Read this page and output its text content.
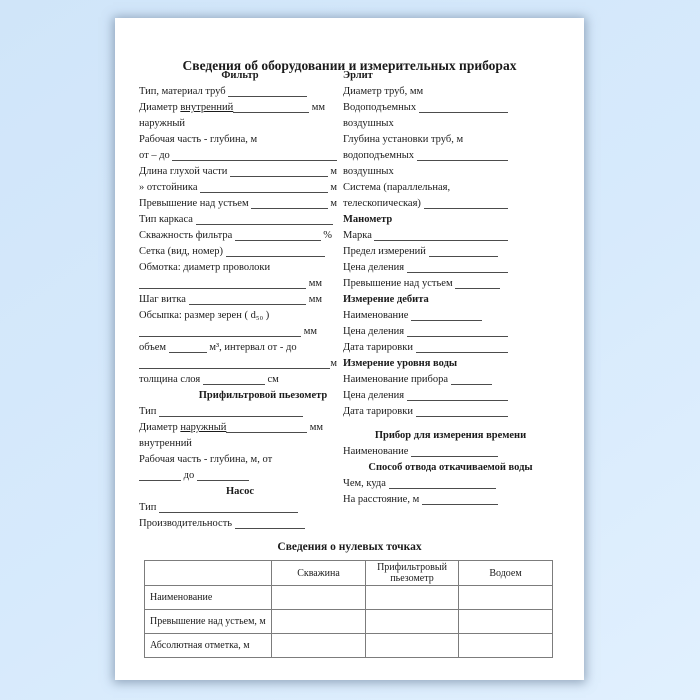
Сведения об оборудовании и измерительных приборах
Фильтр
Тип, материал труб
Диаметр внутренний	мм
наружный
Рабочая часть - глубина, м
от – до
Длина глухой части	м
» отстойника	м
Превышение над устьем	м
Тип каркаса
Скважность фильтра	%
Сетка (вид, номер)
Обмотка: диаметр проволоки
мм
Шаг витка	мм
Обсыпка: размер зерен ( d₅₀ )
мм
объем	м³, интервал от - до
м
толщина слоя	см
Прифильтровой пьезометр
Тип
Диаметр наружный	мм
внутренний
Рабочая часть - глубина, м, от
до
Насос
Тип
Производительность
Эрлит
Диаметр труб, мм
Водоподъемных
воздушных
Глубина установки труб, м
водоподъемных
воздушных
Система (параллельная,
телескопическая)
Манометр
Марка
Предел измерений
Цена деления
Превышение над устьем
Измерение дебита
Наименование
Цена деления
Дата тарировки
Измерение уровня воды
Наименование прибора
Цена деления
Дата тарировки
Прибор для измерения времени
Наименование
Способ отвода откачиваемой воды
Чем, куда
На расстояние, м
Сведения о нулевых точках
	Скважина	Прифильтровый пьезометр	Водоем
Наименование			
Превышение над устьем, м			
Абсолютная отметка, м			
